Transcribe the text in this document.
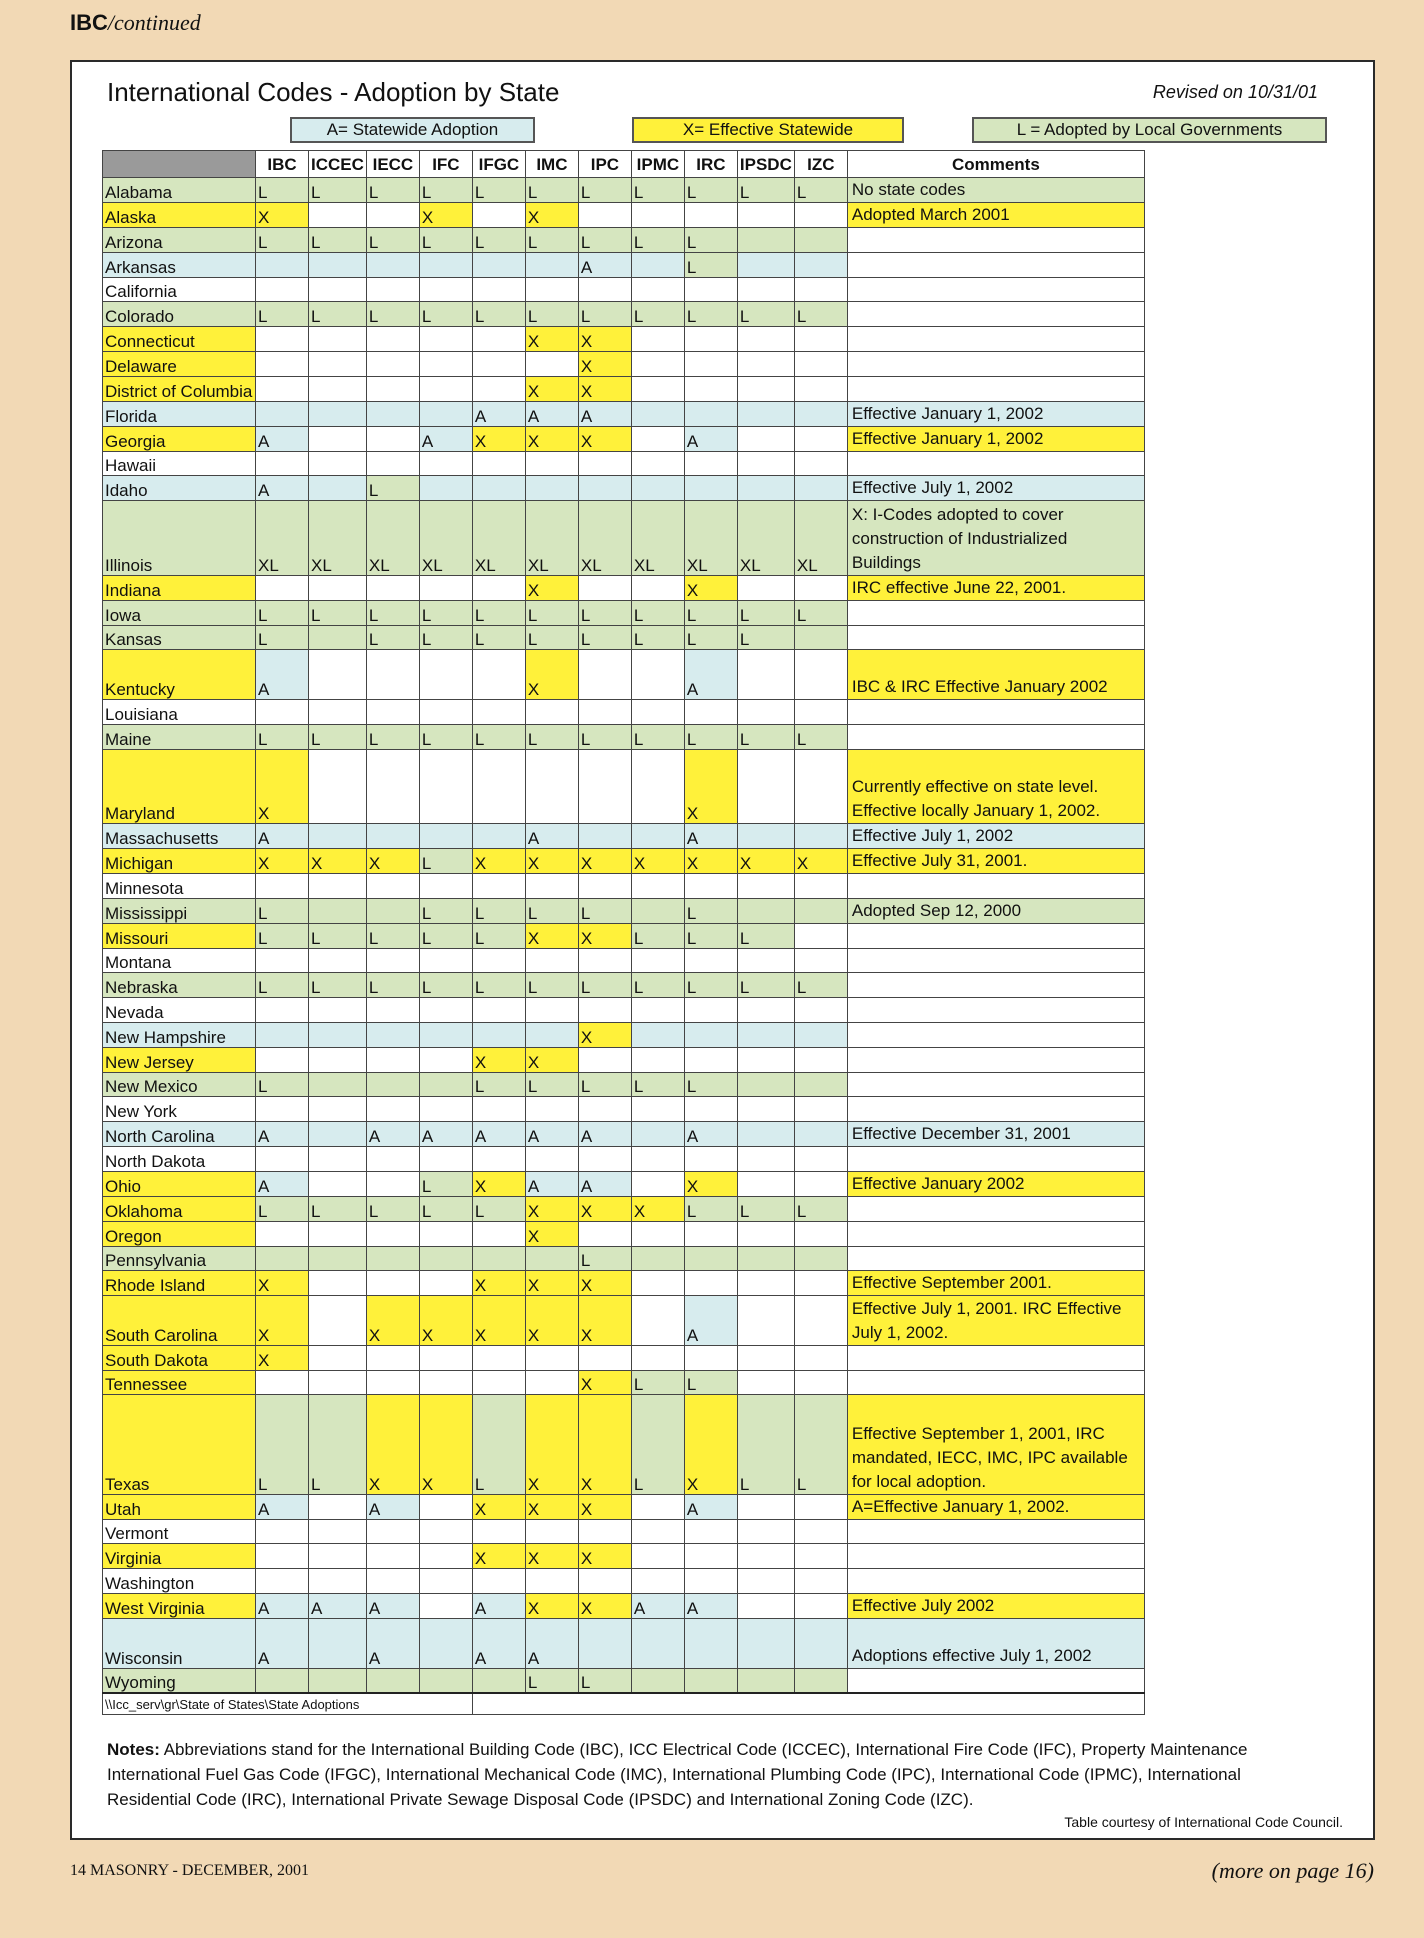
IBC/continued
International Codes - Adoption by State	Revised on 10/31/01
A= Statewide Adoption	X= Effective Statewide	L = Adopted by Local Governments
	IBC	ICCEC	IECC	IFC	IFGC	IMC	IPC	IPMC	IRC	IPSDC	IZC	Comments
Alabama	L	L	L	L	L	L	L	L	L	L	L	No state codes
Alaska	X			X		X						Adopted March 2001
Arizona	L	L	L	L	L	L	L	L	L			
Arkansas							A		L			
California												
Colorado	L	L	L	L	L	L	L	L	L	L	L	
Connecticut						X	X					
Delaware							X					
District of Columbia						X	X					
Florida					A	A	A					Effective January 1, 2002
Georgia	A			A	X	X	X		A			Effective January 1, 2002
Hawaii												
Idaho	A		L									Effective July 1, 2002
Illinois	XL	XL	XL	XL	XL	XL	XL	XL	XL	XL	XL	X: I-Codes adopted to cover construction of Industrialized Buildings
Indiana						X			X			IRC effective June 22, 2001.
Iowa	L	L	L	L	L	L	L	L	L	L	L	
Kansas	L		L	L	L	L	L	L	L	L		
Kentucky	A					X			A			IBC & IRC Effective January 2002
Louisiana												
Maine	L	L	L	L	L	L	L	L	L	L	L	
Maryland	X								X			Currently effective on state level. Effective locally January 1, 2002.
Massachusetts	A					A			A			Effective July 1, 2002
Michigan	X	X	X	L	X	X	X	X	X	X	X	Effective July 31, 2001.
Minnesota												
Mississippi	L			L	L	L	L		L			Adopted Sep 12, 2000
Missouri	L	L	L	L	L	X	X	L	L	L		
Montana												
Nebraska	L	L	L	L	L	L	L	L	L	L	L	
Nevada												
New Hampshire							X					
New Jersey					X	X						
New Mexico	L				L	L	L	L	L			
New York												
North Carolina	A		A	A	A	A	A		A			Effective December 31, 2001
North Dakota												
Ohio	A			L	X	A	A		X			Effective January 2002
Oklahoma	L	L	L	L	L	X	X	X	L	L	L	
Oregon						X						
Pennsylvania							L					
Rhode Island	X				X	X	X					Effective September 2001.
South Carolina	X		X	X	X	X	X		A			Effective July 1, 2001. IRC Effective July 1, 2002.
South Dakota	X											
Tennessee							X	L	L			
Texas	L	L	X	X	L	X	X	L	X	L	L	Effective September 1, 2001, IRC mandated, IECC, IMC, IPC available for local adoption.
Utah	A		A		X	X	X		A			A=Effective January 1, 2002.
Vermont												
Virginia					X	X	X					
Washington												
West Virginia	A	A	A		A	X	X	A	A			Effective July 2002
Wisconsin	A		A		A	A						Adoptions effective July 1, 2002
Wyoming						L	L					
\\Icc_serv\gr\State of States\State Adoptions												
Notes: Abbreviations stand for the International Building Code (IBC), ICC Electrical Code (ICCEC), International Fire Code (IFC), Property Maintenance International Fuel Gas Code (IFGC), International Mechanical Code (IMC), International Plumbing Code (IPC), International Code (IPMC), International Residential Code (IRC), International Private Sewage Disposal Code (IPSDC) and International Zoning Code (IZC).
Table courtesy of International Code Council.
14 MASONRY - DECEMBER, 2001	(more on page 16)
